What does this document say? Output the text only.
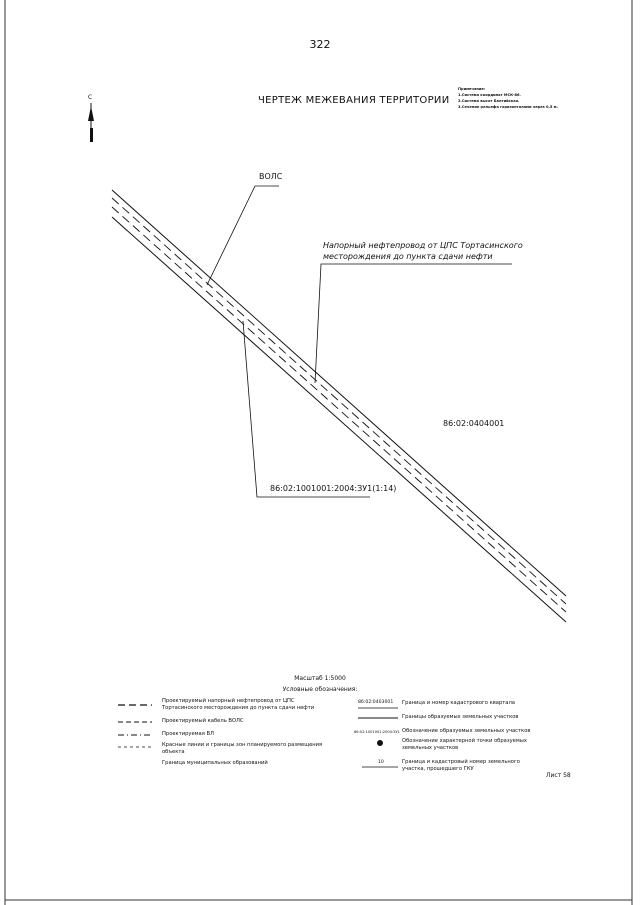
322
ЧЕРТЕЖ МЕЖЕВАНИЯ ТЕРРИТОРИИ
Примечание:
1.Система координат МСК-86.
2.Система высот Балтийская.
3.Сечение рельефа горизонталями через 0,5 м.
С
ВОЛС
Напорный нефтепровод от ЦПС Тортасинского
месторождения до пункта сдачи нефти
86:02:0404001
86:02:1001001:2004:ЗУ1(1:14)
Масштаб 1:5000
Условные обозначения:
Проектируемый напорный нефтепровод от ЦПС
Тортасинского месторождения до пункта сдачи нефти
Проектируемый кабель ВОЛС
Проектируемая ВЛ
Красные линии и границы зон планируемого размещения
объекта
Граница муниципальных образований
86:02:0403001 Граница и номер кадастрового квартала
Границы образуемых земельных участков
86:02:1001001:2004:ЗУ1 Обозначение образуемых земельных участков
Обозначение характерной точки образуемых
земельных участков
10	Граница и кадастровый номер земельного
участка, прошедшего ГКУ
Лист 58
